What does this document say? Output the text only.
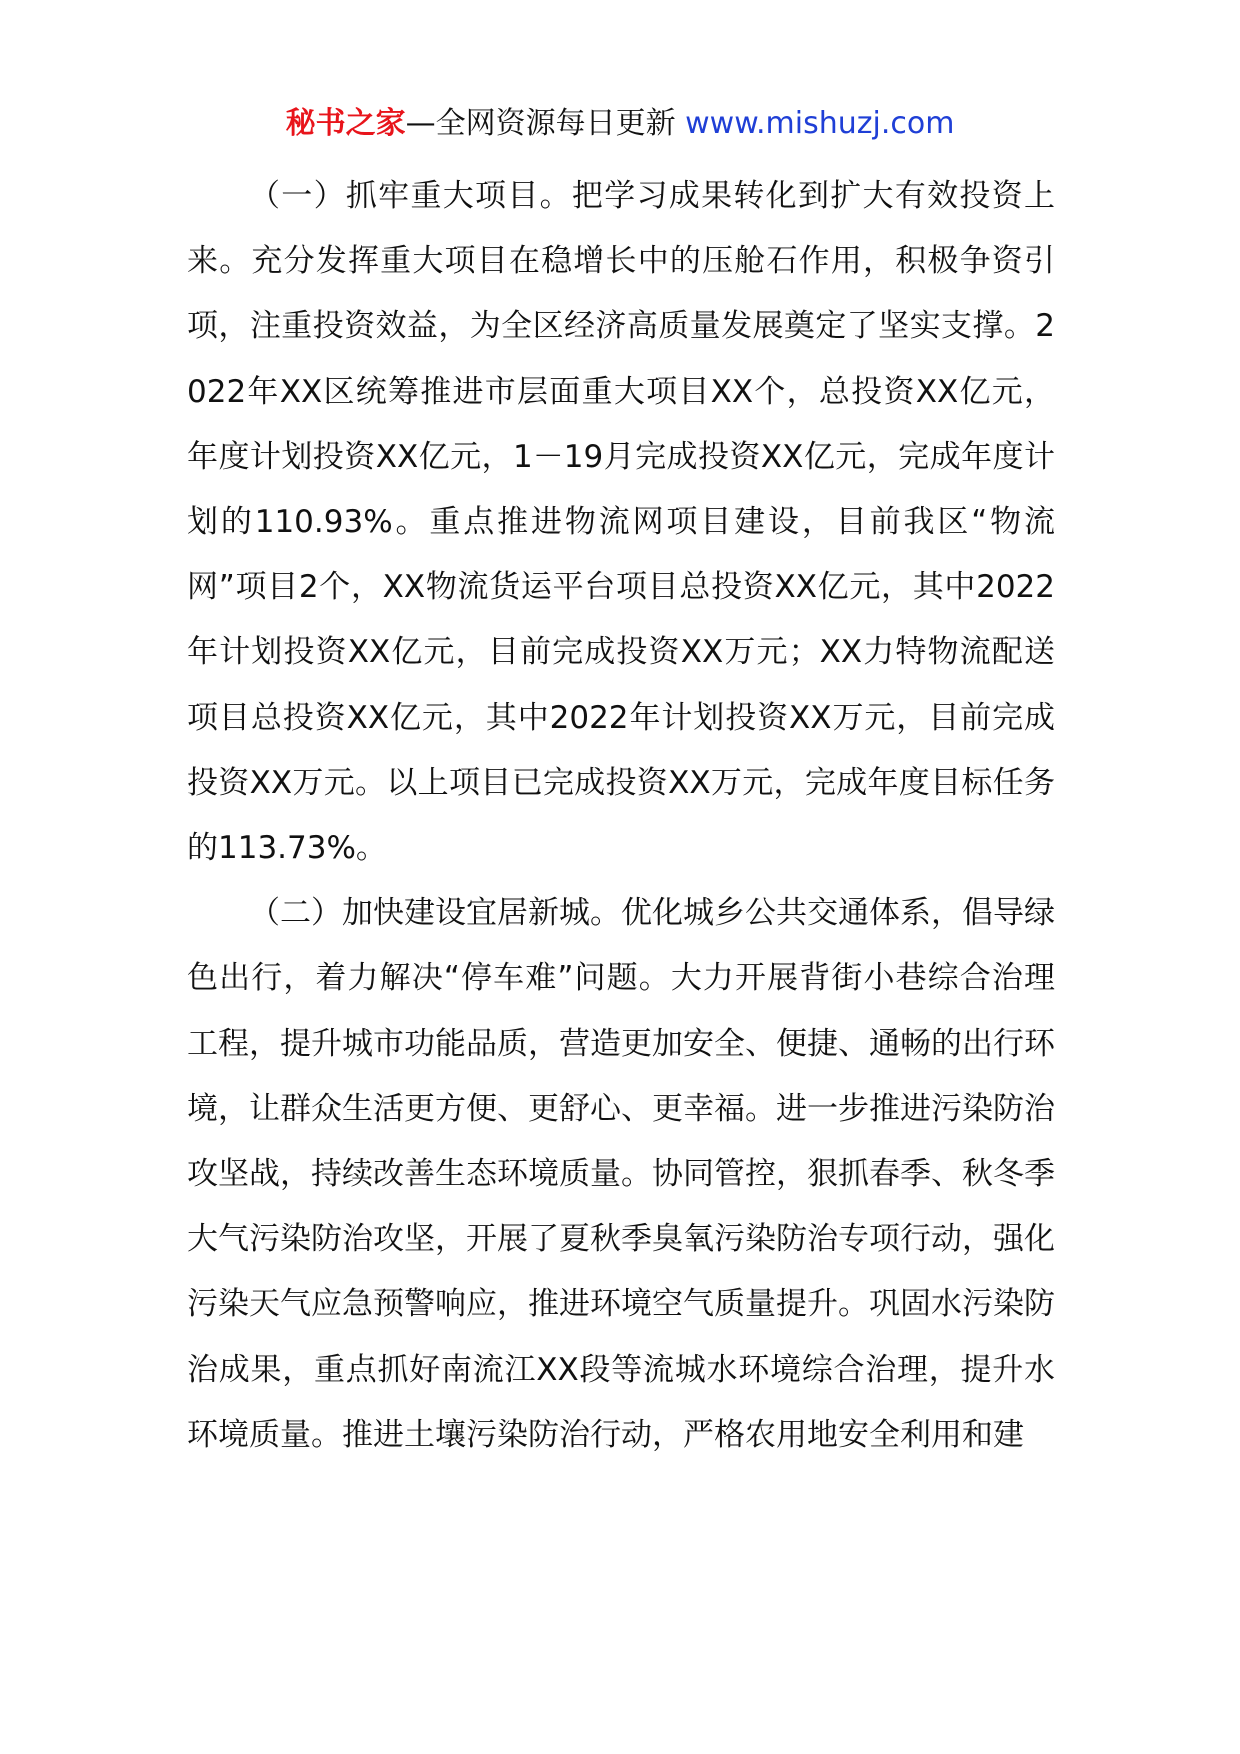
秘书之家—全网资源每日更新 www.mishuzj.com

（一）抓牢重大项目。把学习成果转化到扩大有效投资上来。充分发挥重大项目在稳增长中的压舱石作用，积极争资引项，注重投资效益，为全区经济高质量发展奠定了坚实支撑。2022年XX区统筹推进市层面重大项目XX个，总投资XX亿元，年度计划投资XX亿元，1－19月完成投资XX亿元，完成年度计划的110.93%。重点推进物流网项目建设，目前我区“物流网”项目2个，XX物流货运平台项目总投资XX亿元，其中2022年计划投资XX亿元，目前完成投资XX万元；XX力特物流配送项目总投资XX亿元，其中2022年计划投资XX万元，目前完成投资XX万元。以上项目已完成投资XX万元，完成年度目标任务的113.73%。

（二）加快建设宜居新城。优化城乡公共交通体系，倡导绿色出行，着力解决“停车难”问题。大力开展背街小巷综合治理工程，提升城市功能品质，营造更加安全、便捷、通畅的出行环境，让群众生活更方便、更舒心、更幸福。进一步推进污染防治攻坚战，持续改善生态环境质量。协同管控，狠抓春季、秋冬季大气污染防治攻坚，开展了夏秋季臭氧污染防治专项行动，强化污染天气应急预警响应，推进环境空气质量提升。巩固水污染防治成果，重点抓好南流江XX段等流城水环境综合治理，提升水环境质量。推进土壤污染防治行动，严格农用地安全利用和建
